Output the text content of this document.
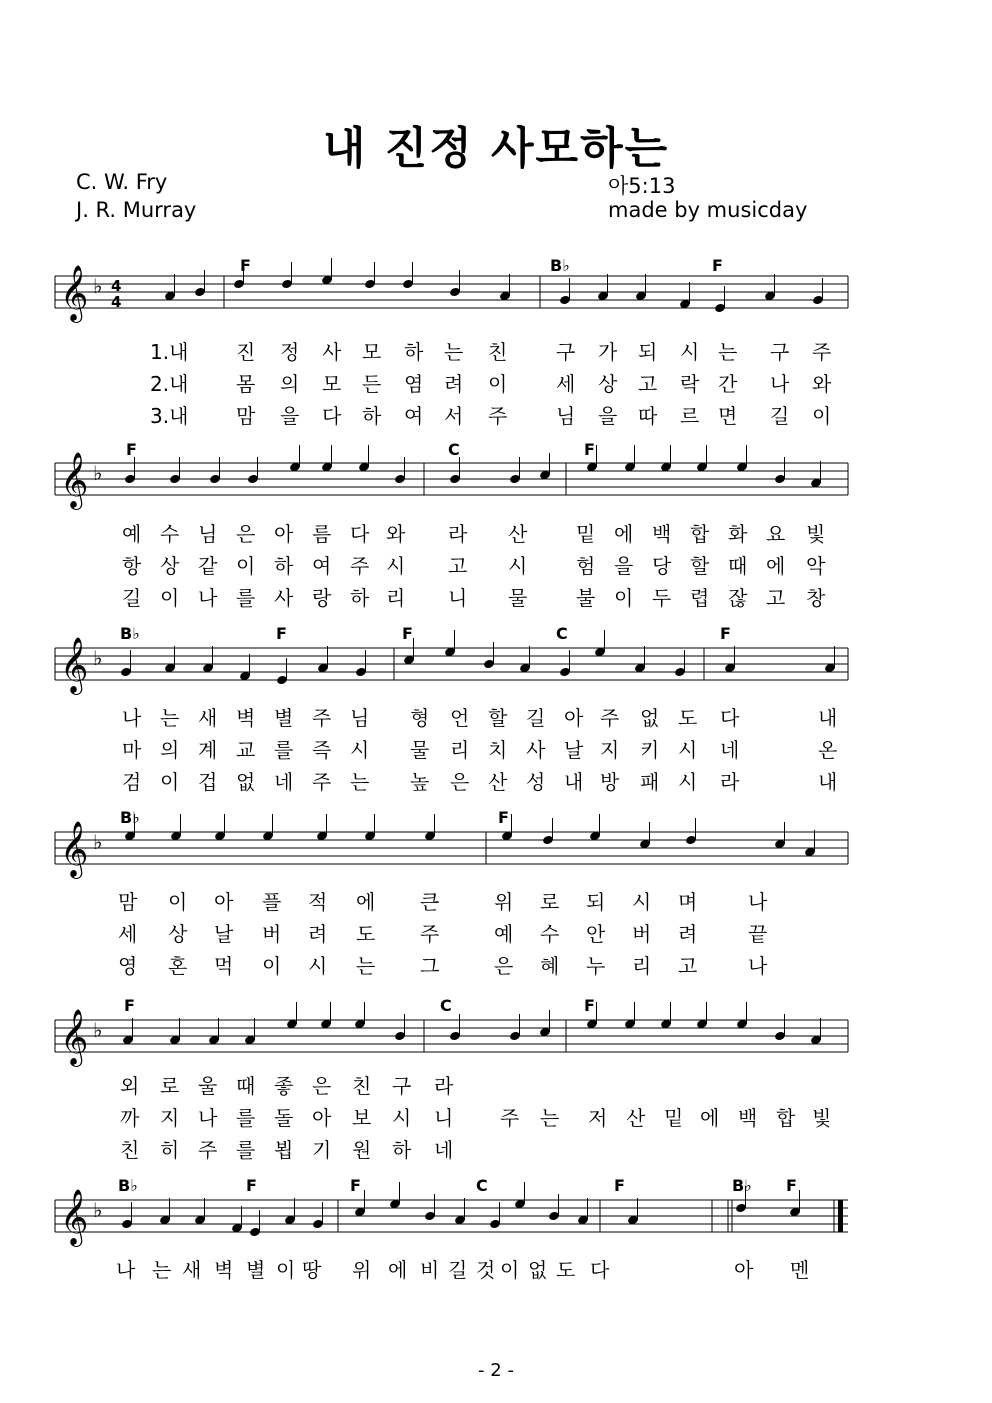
내 진정 사모하는
C. W. Fry
J. R. Murray
아5:13
made by musicday
𝄞 ♭ 4
4
𝄞 ♭
𝄞 ♭
𝄞 ♭
𝄞 ♭
𝄞 ♭
- 2 -
F	B♭	F
1.내 진 정 사 모 하 는 친 구 가 되 시 는 구 주
2.내 몸 의 모 든 염 려 이 세 상 고 락 간 나 와
3.내 맘 을 다 하 여 서 주 님 을 따 르 면 길 이
F	C	F
예 수 님 은 아 름 다 와 라 산 밑 에 백 합 화 요 빛
항 상 같 이 하 여 주 시 고 시 험 을 당 할 때 에 악
길 이 나 를 사 랑 하 리 니 물 불 이 두 렵 잖 고 창
B♭	F	F	C	F
나 는 새 벽 별 주 님 형 언 할 길 아 주 없 도 다	내
마 의 계 교 를 즉 시 물 리 치 사 날 지 키 시 네	온
검 이 겁 없 네 주 는 높 은 산 성 내 방 패 시 라	내
B♭	F
맘 이 아 플 적 에 큰	위 로 되 시 며	나
세 상 날 버 려 도 주	예 수 안 버 려	끝
영 혼 먹 이 시 는 그	은 혜 누 리 고	나
F	C	F
외 로 울 때 좋 은 친 구 라
까 지 나 를 돌 아 보 시 니 주 는 저 산 밑 에 백 합 빛
친 히 주 를 뵙 기 원 하 네
B♭	F	F	C	F	B♭ F
나 는 새 벽 별 이 땅 위 에 비 길 것 이 없 도 다	아 멘
